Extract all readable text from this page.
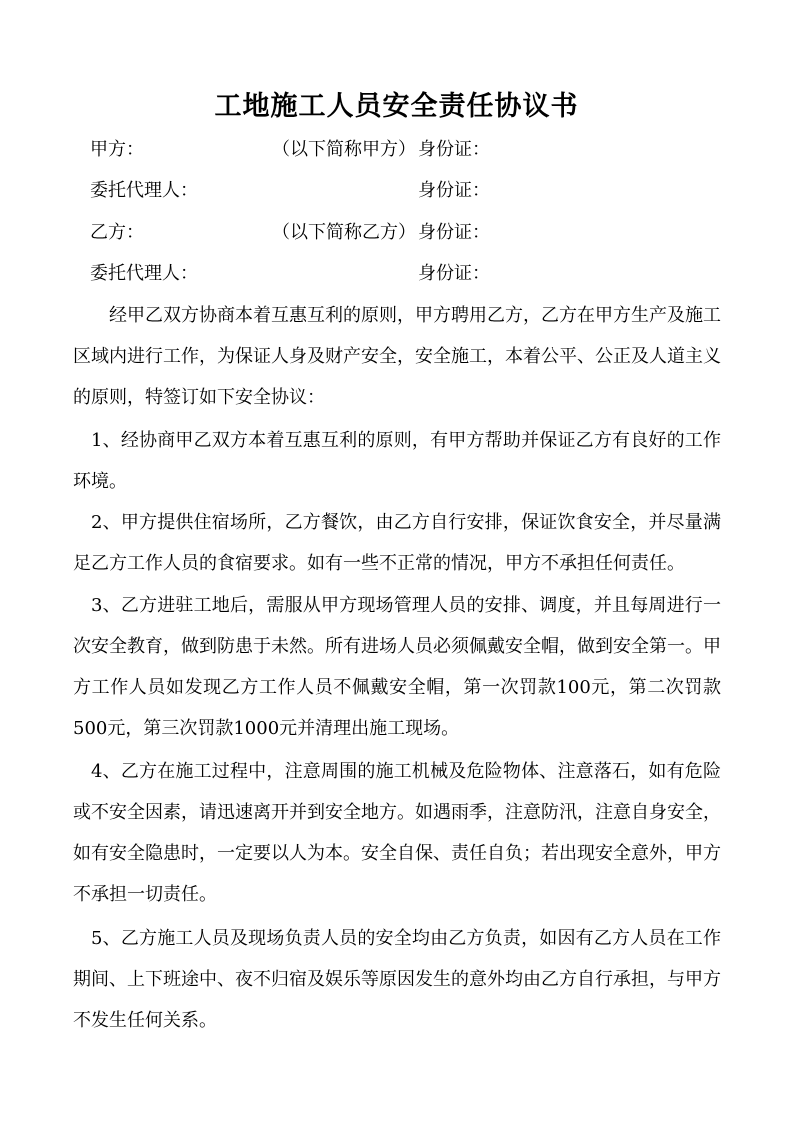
工地施工人员安全责任协议书
甲方：	（以下简称甲方） 身份证：
委托代理人：	身份证：
乙方：	（以下简称乙方） 身份证：
委托代理人：	身份证：

经甲乙双方协商本着互惠互利的原则，甲方聘用乙方，乙方在甲方生产及施工区域内进行工作，为保证人身及财产安全，安全施工，本着公平、公正及人道主义的原则，特签订如下安全协议：

1、经协商甲乙双方本着互惠互利的原则，有甲方帮助并保证乙方有良好的工作环境。

2、甲方提供住宿场所，乙方餐饮，由乙方自行安排，保证饮食安全，并尽量满足乙方工作人员的食宿要求。如有一些不正常的情况，甲方不承担任何责任。

3、乙方进驻工地后，需服从甲方现场管理人员的安排、调度，并且每周进行一次安全教育，做到防患于未然。所有进场人员必须佩戴安全帽，做到安全第一。甲方工作人员如发现乙方工作人员不佩戴安全帽，第一次罚款100元，第二次罚款500元，第三次罚款1000元并清理出施工现场。

4、乙方在施工过程中，注意周围的施工机械及危险物体、注意落石，如有危险或不安全因素，请迅速离开并到安全地方。如遇雨季，注意防汛，注意自身安全，如有安全隐患时，一定要以人为本。安全自保、责任自负；若出现安全意外，甲方不承担一切责任。

5、乙方施工人员及现场负责人员的安全均由乙方负责，如因有乙方人员在工作期间、上下班途中、夜不归宿及娱乐等原因发生的意外均由乙方自行承担，与甲方不发生任何关系。
